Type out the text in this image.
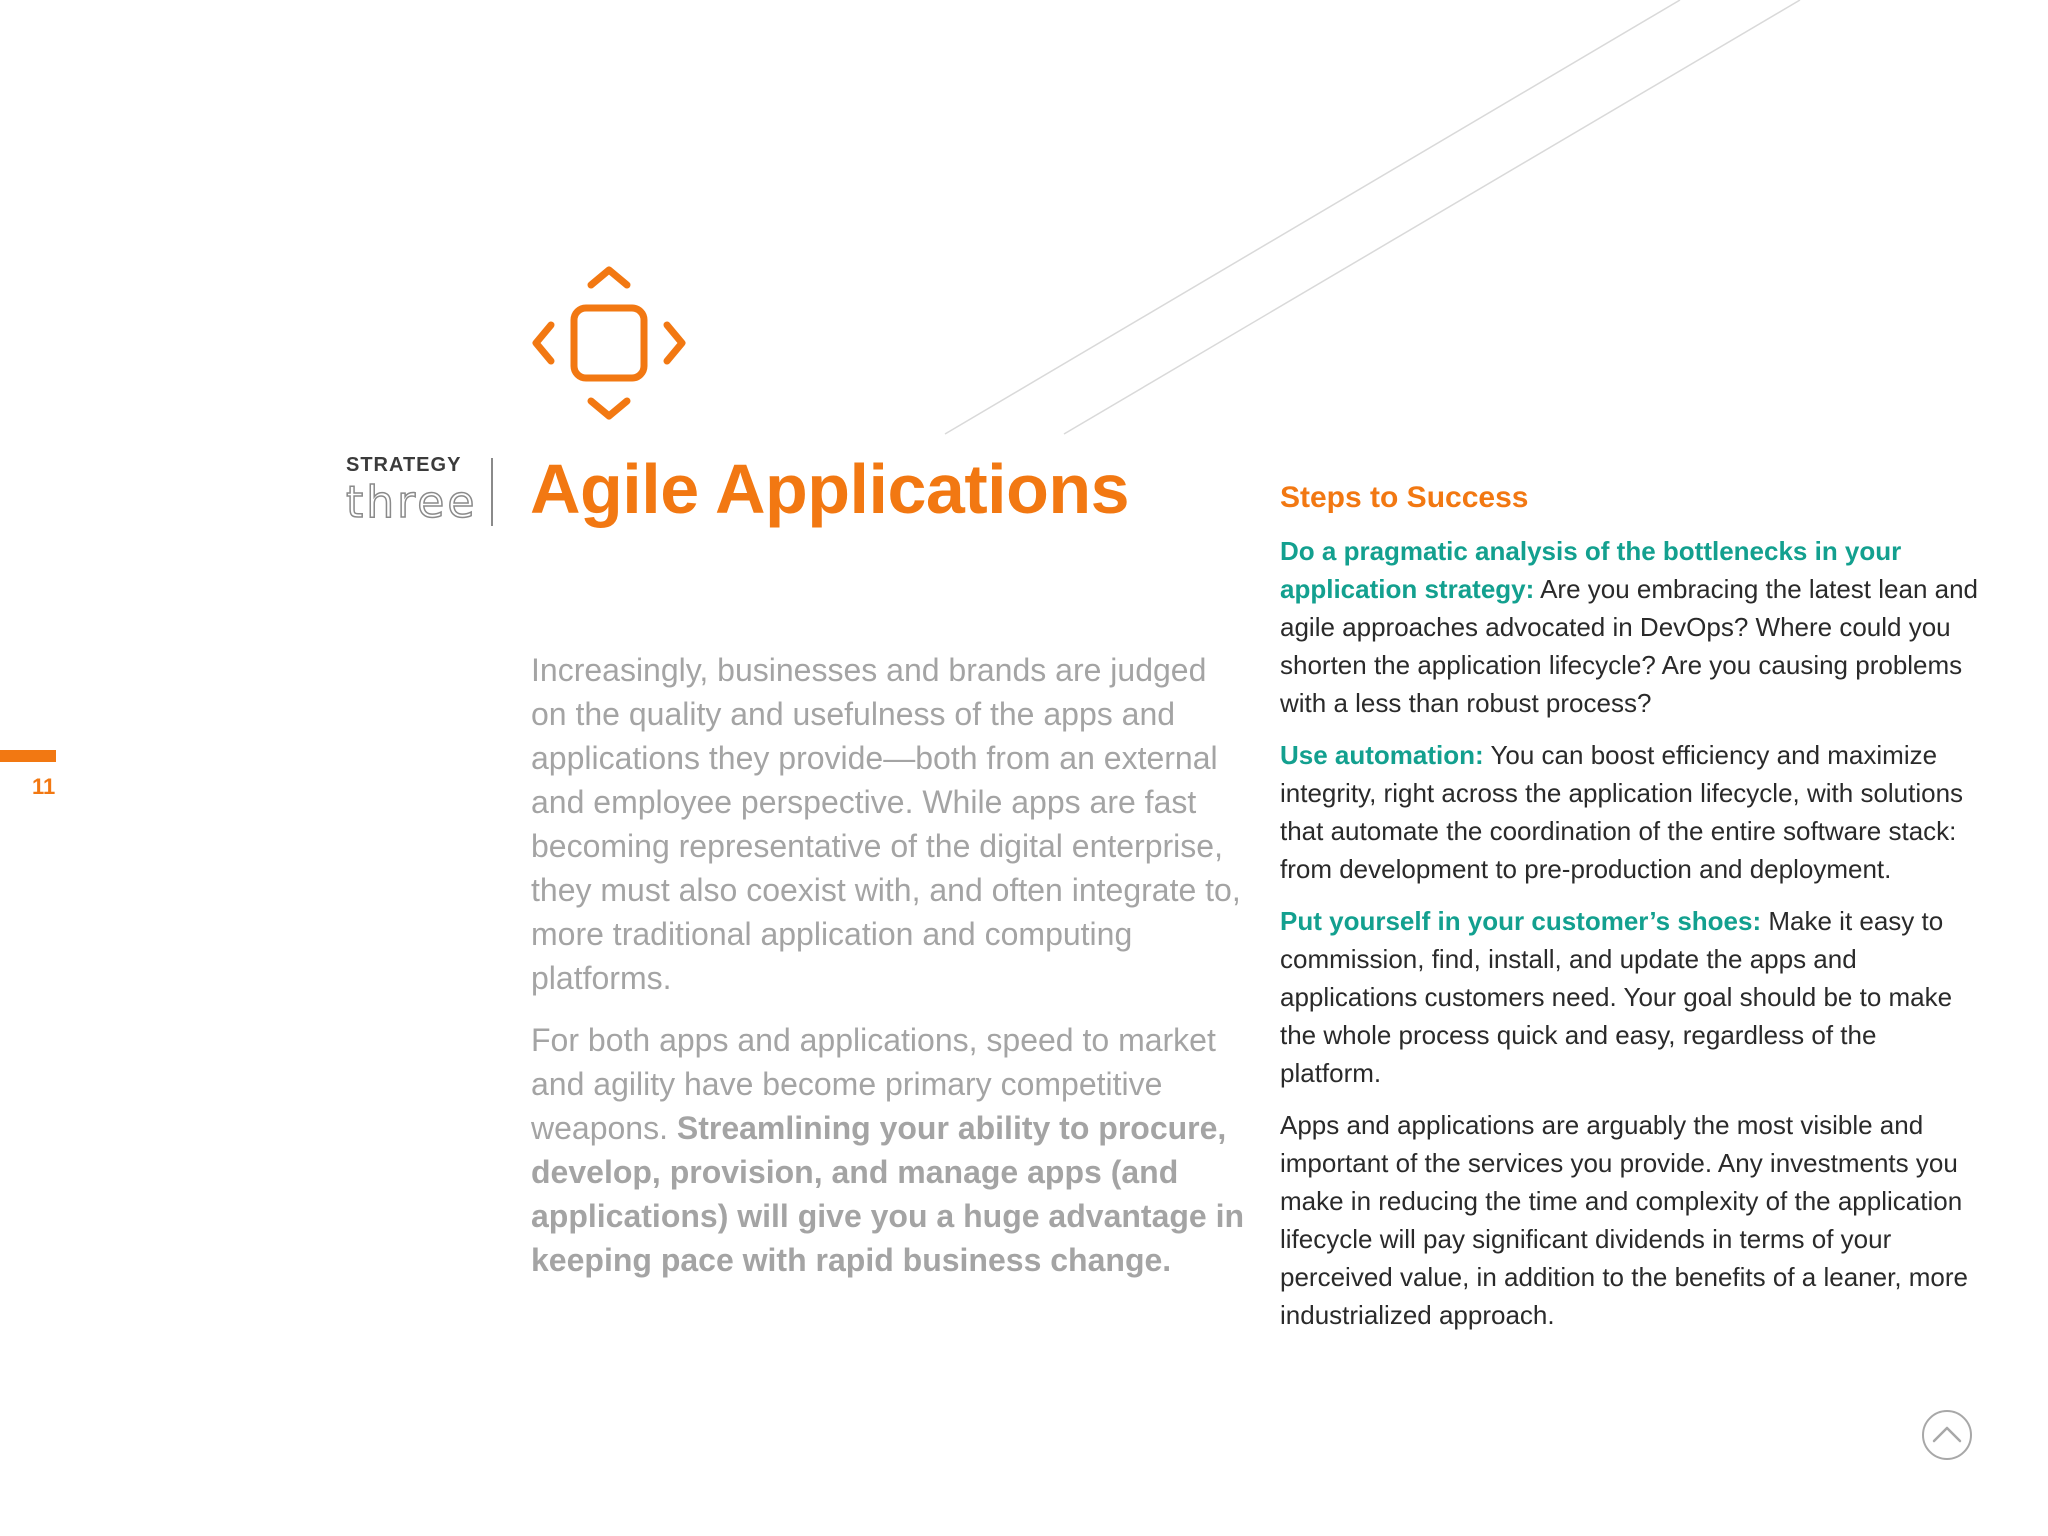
11
STRATEGY
three Agile Applications

Increasingly, businesses and brands are judged on the quality and usefulness of the apps and applications they provide—both from an external and employee perspective. While apps are fast becoming representative of the digital enterprise, they must also coexist with, and often integrate to, more traditional application and computing platforms.

For both apps and applications, speed to market and agility have become primary competitive weapons. Streamlining your ability to procure, develop, provision, and manage apps (and applications) will give you a huge advantage in keeping pace with rapid business change.

Steps to Success

Do a pragmatic analysis of the bottlenecks in your application strategy: Are you embracing the latest lean and agile approaches advocated in DevOps? Where could you shorten the application lifecycle? Are you causing problems with a less than robust process?

Use automation: You can boost efficiency and maximize integrity, right across the application lifecycle, with solutions that automate the coordination of the entire software stack: from development to pre-production and deployment.

Put yourself in your customer’s shoes: Make it easy to commission, find, install, and update the apps and applications customers need. Your goal should be to make the whole process quick and easy, regardless of the platform.

Apps and applications are arguably the most visible and important of the services you provide. Any investments you make in reducing the time and complexity of the application lifecycle will pay significant dividends in terms of your perceived value, in addition to the benefits of a leaner, more industrialized approach.
